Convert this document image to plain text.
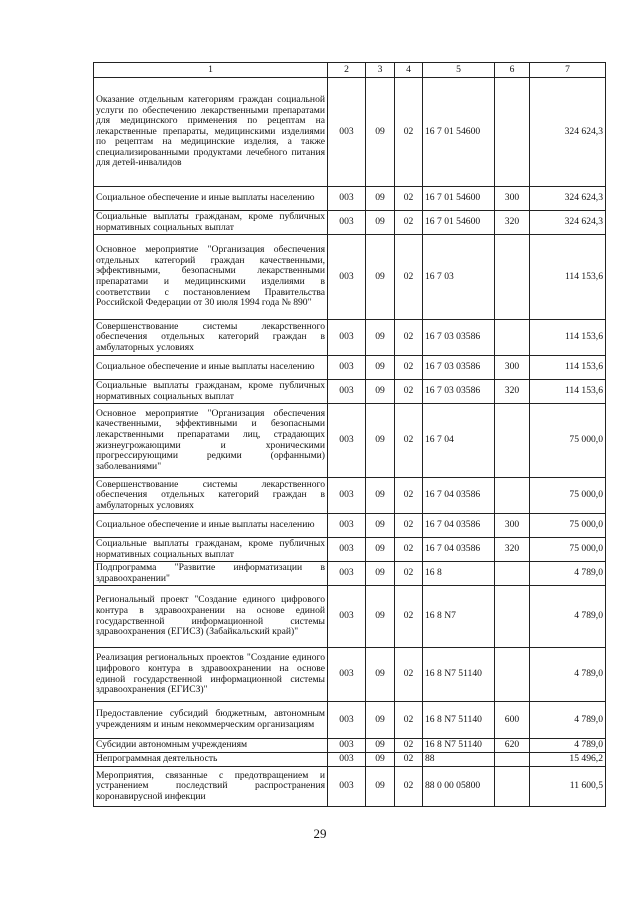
1	2	3	4	5	6	7
Оказание отдельным категориям граждан социальной услуги по обеспечению лекарственными препаратами для медицинского применения по рецептам на лекарственные препараты, медицинскими изделиями по рецептам на медицинские изделия, а также специализированными продуктами лечебного питания для детей-инвалидов	003	09	02	16 7 01 54600		324 624,3
Социальное обеспечение и иные выплаты населению	003	09	02	16 7 01 54600	300	324 624,3
Социальные выплаты гражданам, кроме публичных нормативных социальных выплат	003	09	02	16 7 01 54600	320	324 624,3
Основное мероприятие "Организация обеспечения отдельных категорий граждан качественными, эффективными, безопасными лекарственными препаратами и медицинскими изделиями в соответствии с постановлением Правительства Российской Федерации от 30 июля 1994 года № 890"	003	09	02	16 7 03		114 153,6
Совершенствование системы лекарственного обеспечения отдельных категорий граждан в амбулаторных условиях	003	09	02	16 7 03 03586		114 153,6
Социальное обеспечение и иные выплаты населению	003	09	02	16 7 03 03586	300	114 153,6
Социальные выплаты гражданам, кроме публичных нормативных социальных выплат	003	09	02	16 7 03 03586	320	114 153,6
Основное мероприятие "Организация обеспечения качественными, эффективными и безопасными лекарственными препаратами лиц, страдающих жизнеугрожающими и хроническими прогрессирующими редкими (орфанными) заболеваниями"	003	09	02	16 7 04		75 000,0
Совершенствование системы лекарственного обеспечения отдельных категорий граждан в амбулаторных условиях	003	09	02	16 7 04 03586		75 000,0
Социальное обеспечение и иные выплаты населению	003	09	02	16 7 04 03586	300	75 000,0
Социальные выплаты гражданам, кроме публичных нормативных социальных выплат	003	09	02	16 7 04 03586	320	75 000,0
Подпрограмма "Развитие информатизации в здравоохранении"	003	09	02	16 8		4 789,0
Региональный проект "Создание единого цифрового контура в здравоохранении на основе единой государственной информационной системы здравоохранения (ЕГИСЗ) (Забайкальский край)"	003	09	02	16 8 N7		4 789,0
Реализация региональных проектов "Создание единого цифрового контура в здравоохранении на основе единой государственной информационной системы здравоохранения (ЕГИСЗ)"	003	09	02	16 8 N7 51140		4 789,0
Предоставление субсидий бюджетным, автономным учреждениям и иным некоммерческим организациям	003	09	02	16 8 N7 51140	600	4 789,0
Субсидии автономным учреждениям	003	09	02	16 8 N7 51140	620	4 789,0
Непрограммная деятельность	003	09	02	88		15 496,2
Мероприятия, связанные с предотвращением и устранением последствий распространения коронавирусной инфекции	003	09	02	88 0 00 05800		11 600,5
29
